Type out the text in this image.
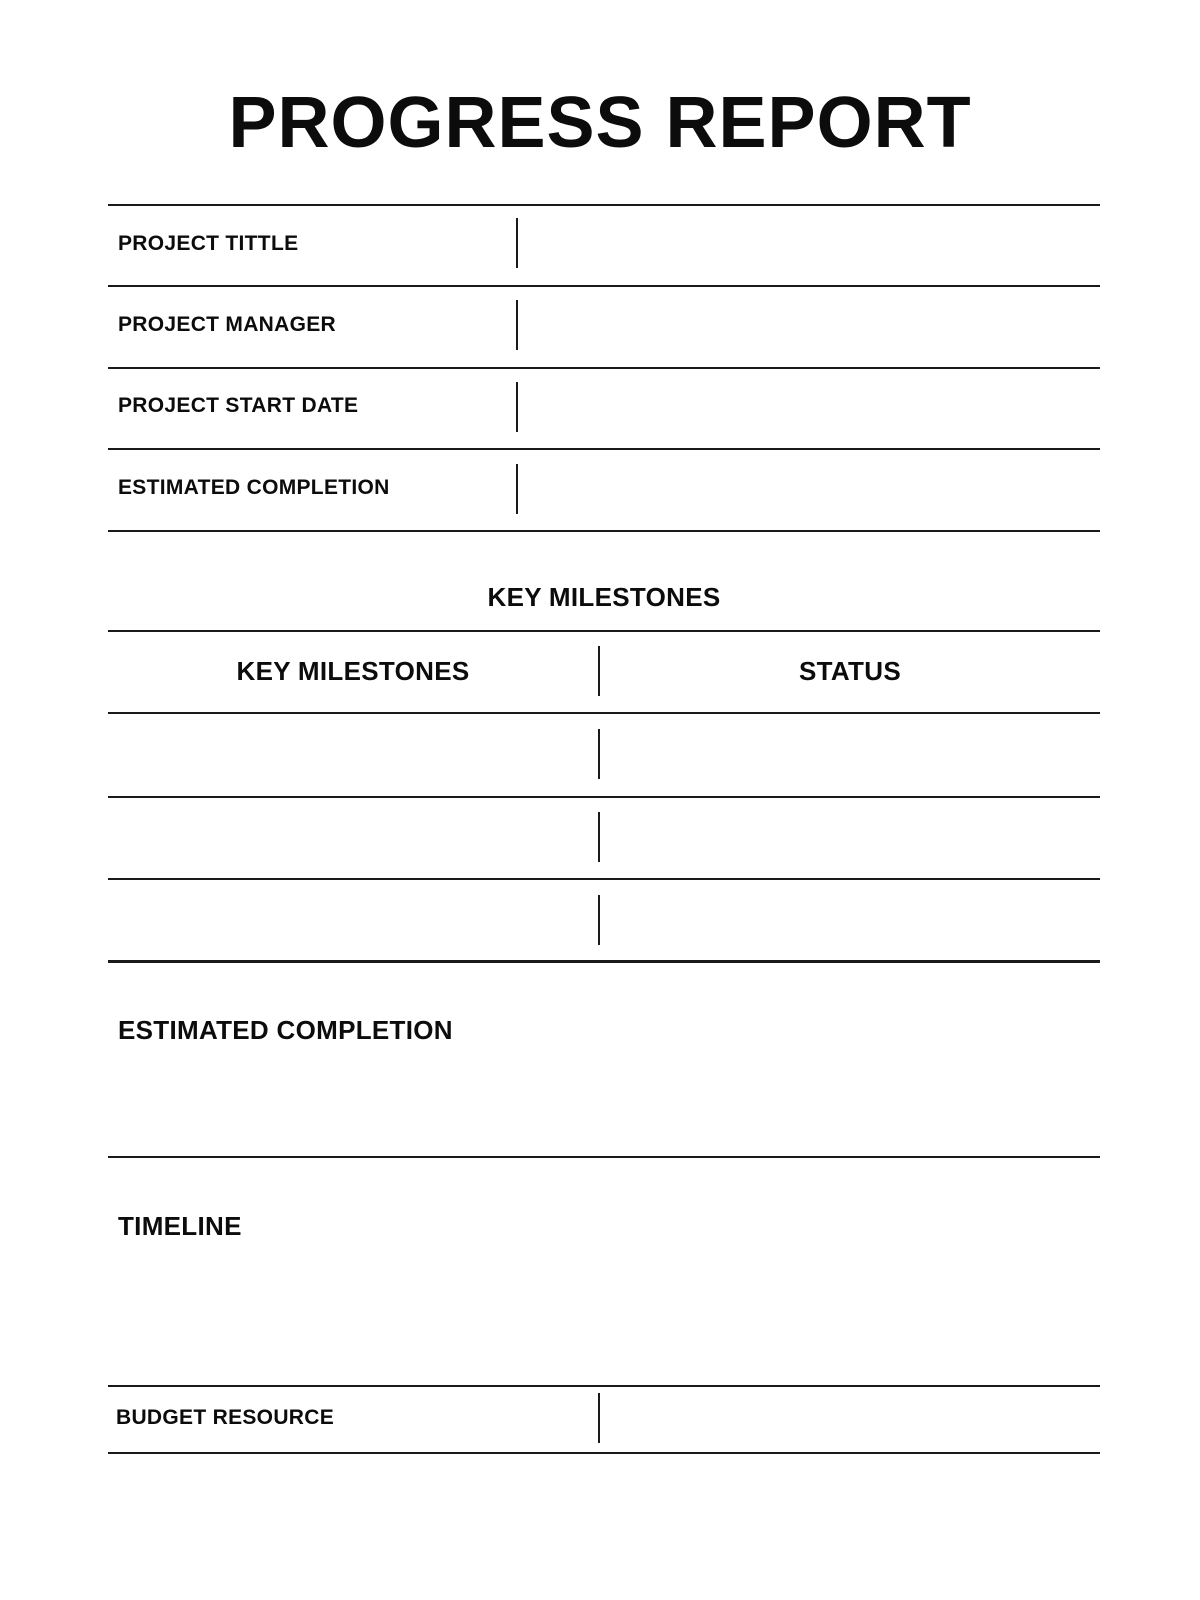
PROGRESS REPORT
PROJECT TITTLE
PROJECT MANAGER
PROJECT START DATE
ESTIMATED COMPLETION
KEY MILESTONES
KEY MILESTONES	STATUS
ESTIMATED COMPLETION
TIMELINE
BUDGET RESOURCE
